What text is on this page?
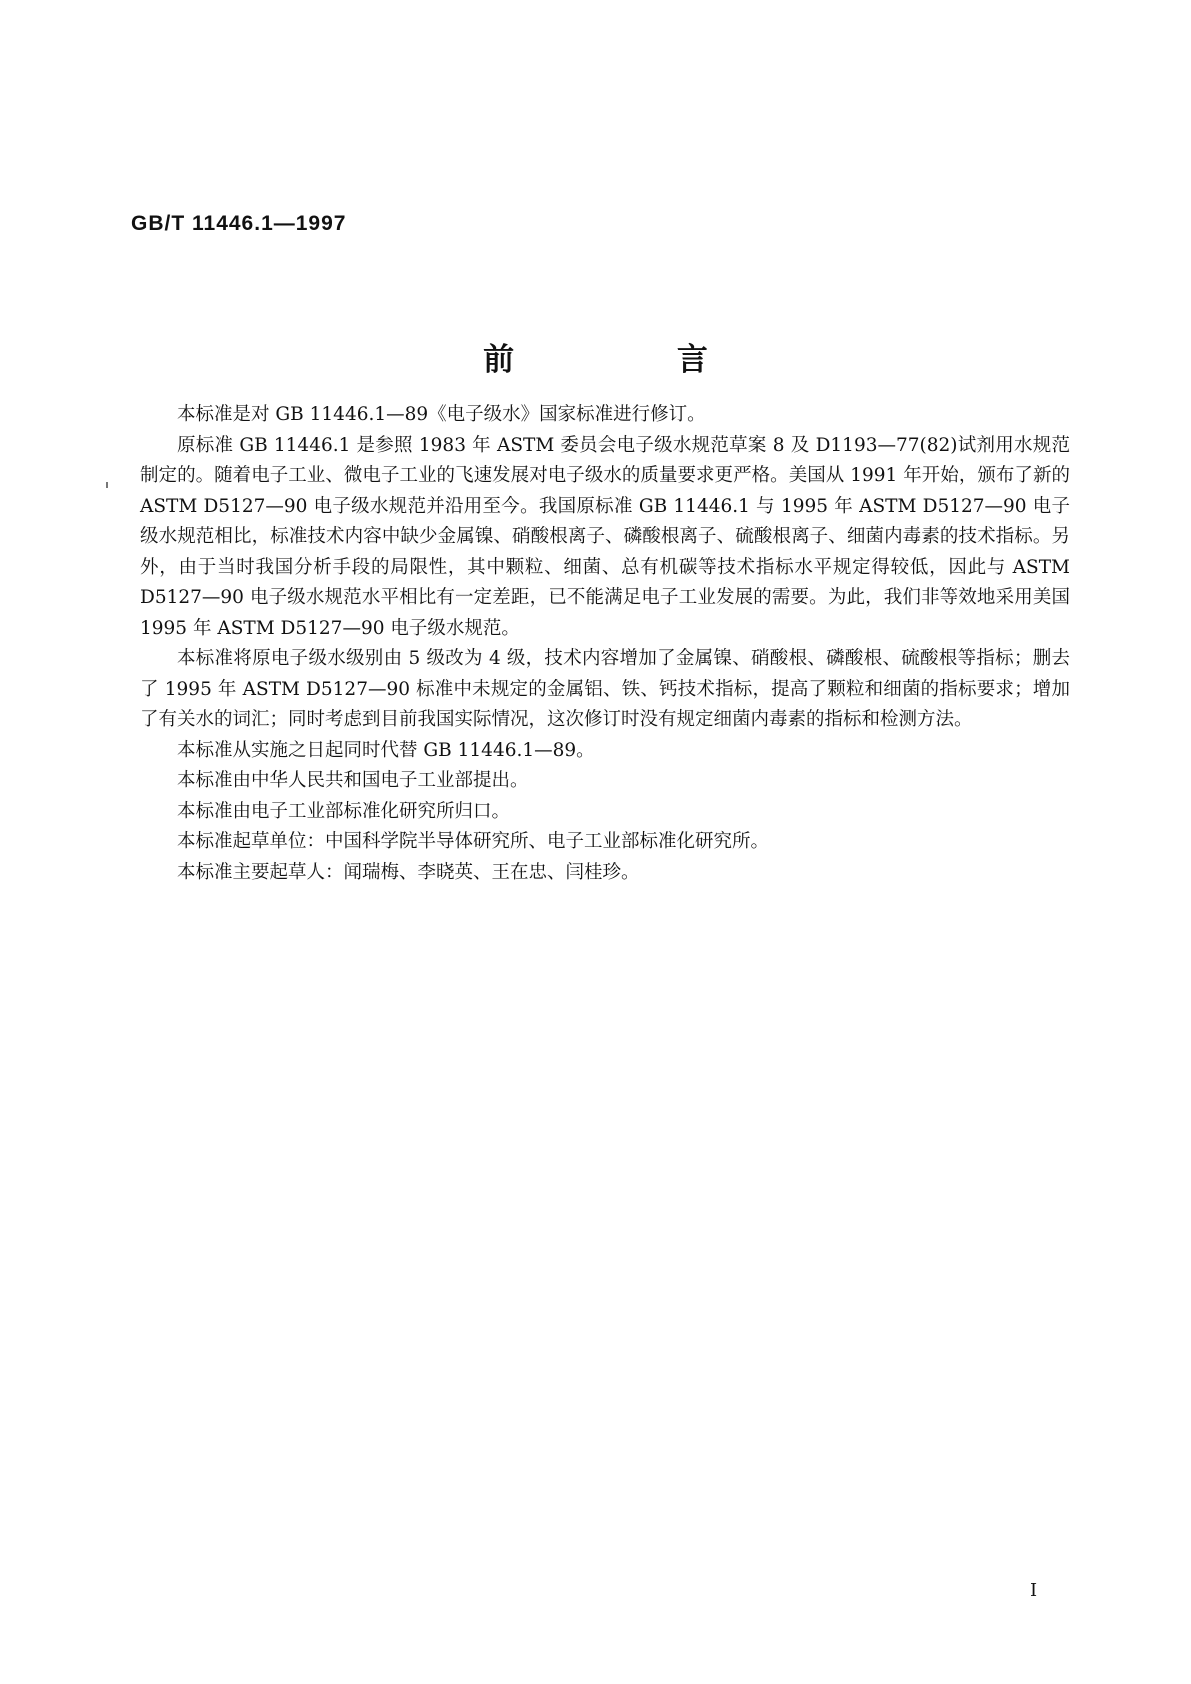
GB/T 11446.1—1997
前 言

本标准是对 GB 11446.1—89《电子级水》国家标准进行修订。

原标准 GB 11446.1 是参照 1983 年 ASTM 委员会电子级水规范草案 8 及 D1193—77(82)试剂用水规范制定的。随着电子工业、微电子工业的飞速发展对电子级水的质量要求更严格。美国从 1991 年开始，颁布了新的 ASTM D5127—90 电子级水规范并沿用至今。我国原标准 GB 11446.1 与 1995 年 ASTM D5127—90 电子级水规范相比，标准技术内容中缺少金属镍、硝酸根离子、磷酸根离子、硫酸根离子、细菌内毒素的技术指标。另外，由于当时我国分析手段的局限性，其中颗粒、细菌、总有机碳等技术指标水平规定得较低，因此与 ASTM D5127—90 电子级水规范水平相比有一定差距，已不能满足电子工业发展的需要。为此，我们非等效地采用美国 1995 年 ASTM D5127—90 电子级水规范。

本标准将原电子级水级别由 5 级改为 4 级，技术内容增加了金属镍、硝酸根、磷酸根、硫酸根等指标；删去了 1995 年 ASTM D5127—90 标准中未规定的金属铝、铁、钙技术指标，提高了颗粒和细菌的指标要求；增加了有关水的词汇；同时考虑到目前我国实际情况，这次修订时没有规定细菌内毒素的指标和检测方法。

本标准从实施之日起同时代替 GB 11446.1—89。

本标准由中华人民共和国电子工业部提出。

本标准由电子工业部标准化研究所归口。

本标准起草单位：中国科学院半导体研究所、电子工业部标准化研究所。

本标准主要起草人：闻瑞梅、李晓英、王在忠、闫桂珍。

I
